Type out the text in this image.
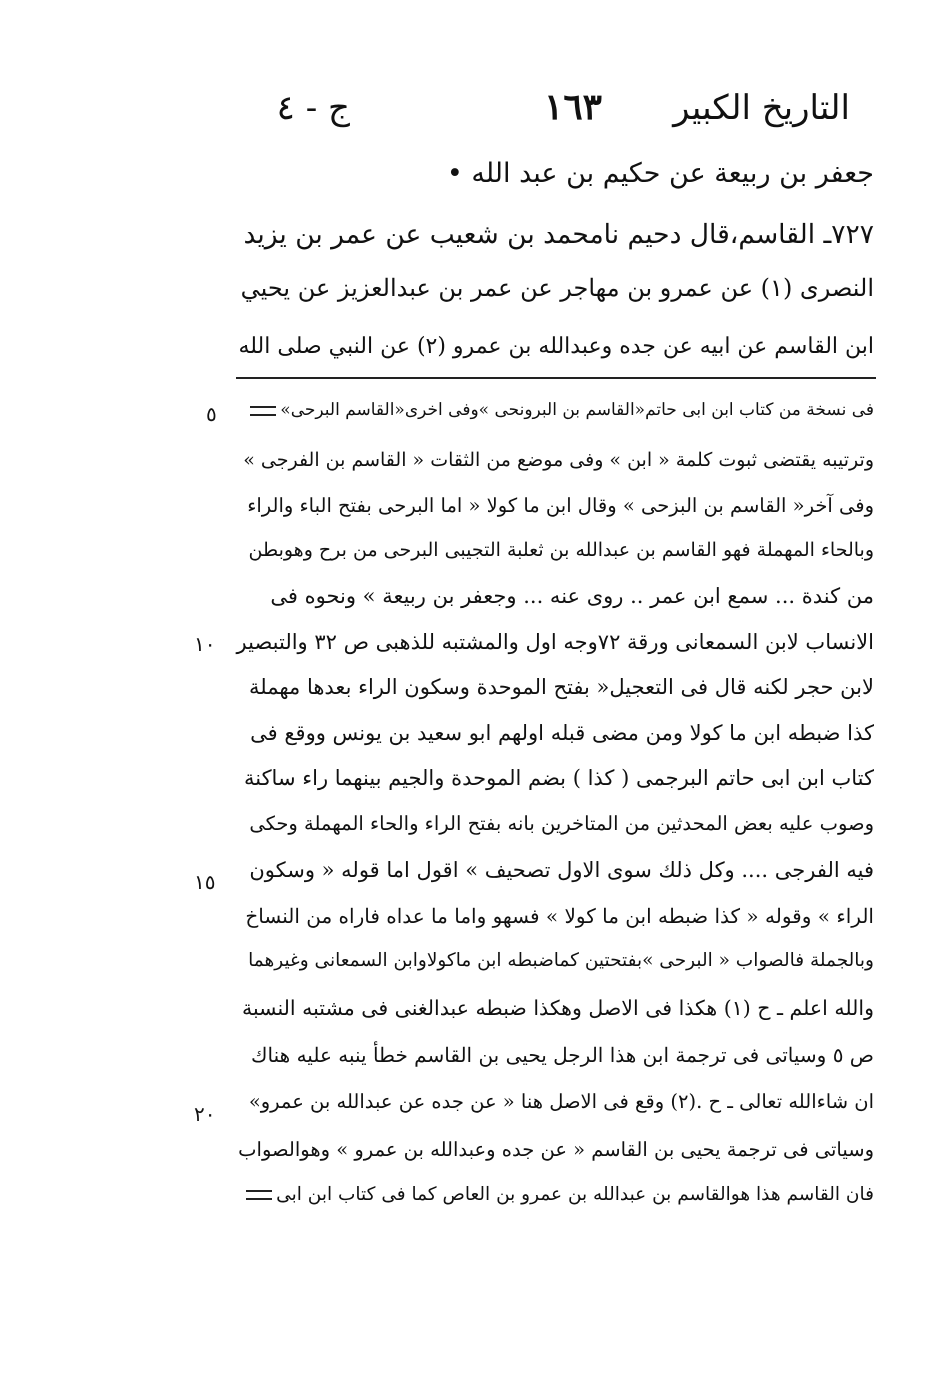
التاريخ الكبير
١٦٣
ج - ٤
جعفر بن ربيعة عن حكيم بن عبد الله •
٧٢٧ـ القاسم،قال دحيم نامحمد بن شعيب عن عمر بن يزيد
النصرى (١) عن عمرو بن مهاجر عن عمر بن عبدالعزيز عن يحيي
ابن القاسم عن ابيه عن جده وعبدالله بن عمرو (٢) عن النبي صلى الله
فى نسخة من كتاب ابن ابى حاتم«القاسم بن البرونحى »وفى اخرى«القاسم البرحى»
وترتيبه يقتضى ثبوت كلمة « ابن » وفى موضع من الثقات « القاسم بن الفرجى »
وفى آخر« القاسم بن البزحى » وقال ابن ما كولا « اما البرحى بفتح الباء والراء
وبالحاء المهملة فهو القاسم بن عبدالله بن ثعلبة التجيبى البرحى من برح وهوبطن
من كندة ... سمع ابن عمر .. روى عنه ... وجعفر بن ربيعة » ونحوه فى
الانساب لابن السمعانى ورقة ٧٢وجه اول والمشتبه للذهبى ص ٣٢ والتبصير
لابن حجر لكنه قال فى التعجيل« بفتح الموحدة وسكون الراء بعدها مهملة
كذا ضبطه ابن ما كولا ومن مضى قبله اولهم ابو سعيد بن يونس ووقع فى
كتاب ابن ابى حاتم البرجمى ( كذا ) بضم الموحدة والجيم بينهما راء ساكنة
وصوب عليه بعض المحدثين من المتاخرين بانه بفتح الراء والحاء المهملة وحكى
فيه الفرجى .... وكل ذلك سوى الاول تصحيف » اقول اما قوله « وسكون
الراء » وقوله « كذا ضبطه ابن ما كولا » فسهو واما ما عداه فاراه من النساخ
وبالجملة فالصواب « البرحى »بفتحتين كماضبطه ابن ماكولاوابن السمعانى وغيرهما
والله اعلم ـ ح (١) هكذا فى الاصل وهكذا ضبطه عبدالغنى فى مشتبه النسبة
ص ٥ وسياتى فى ترجمة ابن هذا الرجل يحيى بن القاسم خطأ ينبه عليه هناك
ان شاءالله تعالى ـ ح .(٢) وقع فى الاصل هنا « عن جده عن عبدالله بن عمرو»
وسياتى فى ترجمة يحيى بن القاسم « عن جده وعبدالله بن عمرو » وهوالصواب
فان القاسم هذا هوالقاسم بن عبدالله بن عمرو بن العاص كما فى كتاب ابن ابى
٥
١٠
١٥
٢٠
